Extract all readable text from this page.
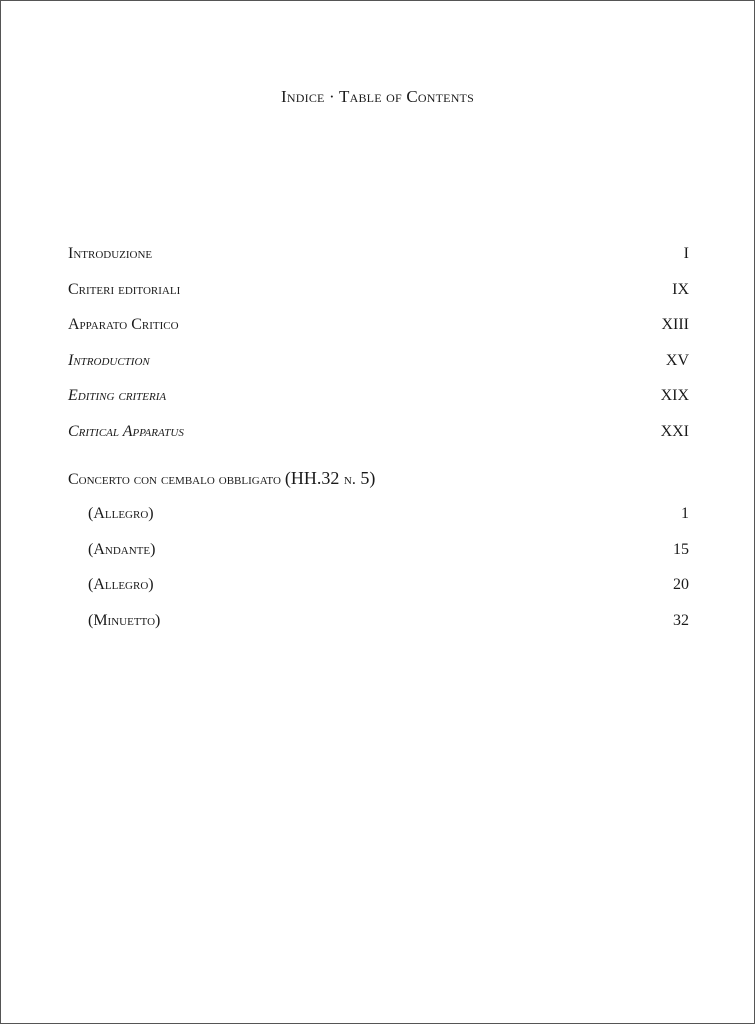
Indice · Table of Contents
Introduzione	I
Criteri editoriali	IX
Apparato Critico	XIII
Introduction	XV
Editing criteria	XIX
Critical Apparatus	XXI
Concerto con cembalo obbligato (HH.32 n. 5)
(Allegro)	1
(Andante)	15
(Allegro)	20
(Minuetto)	32
